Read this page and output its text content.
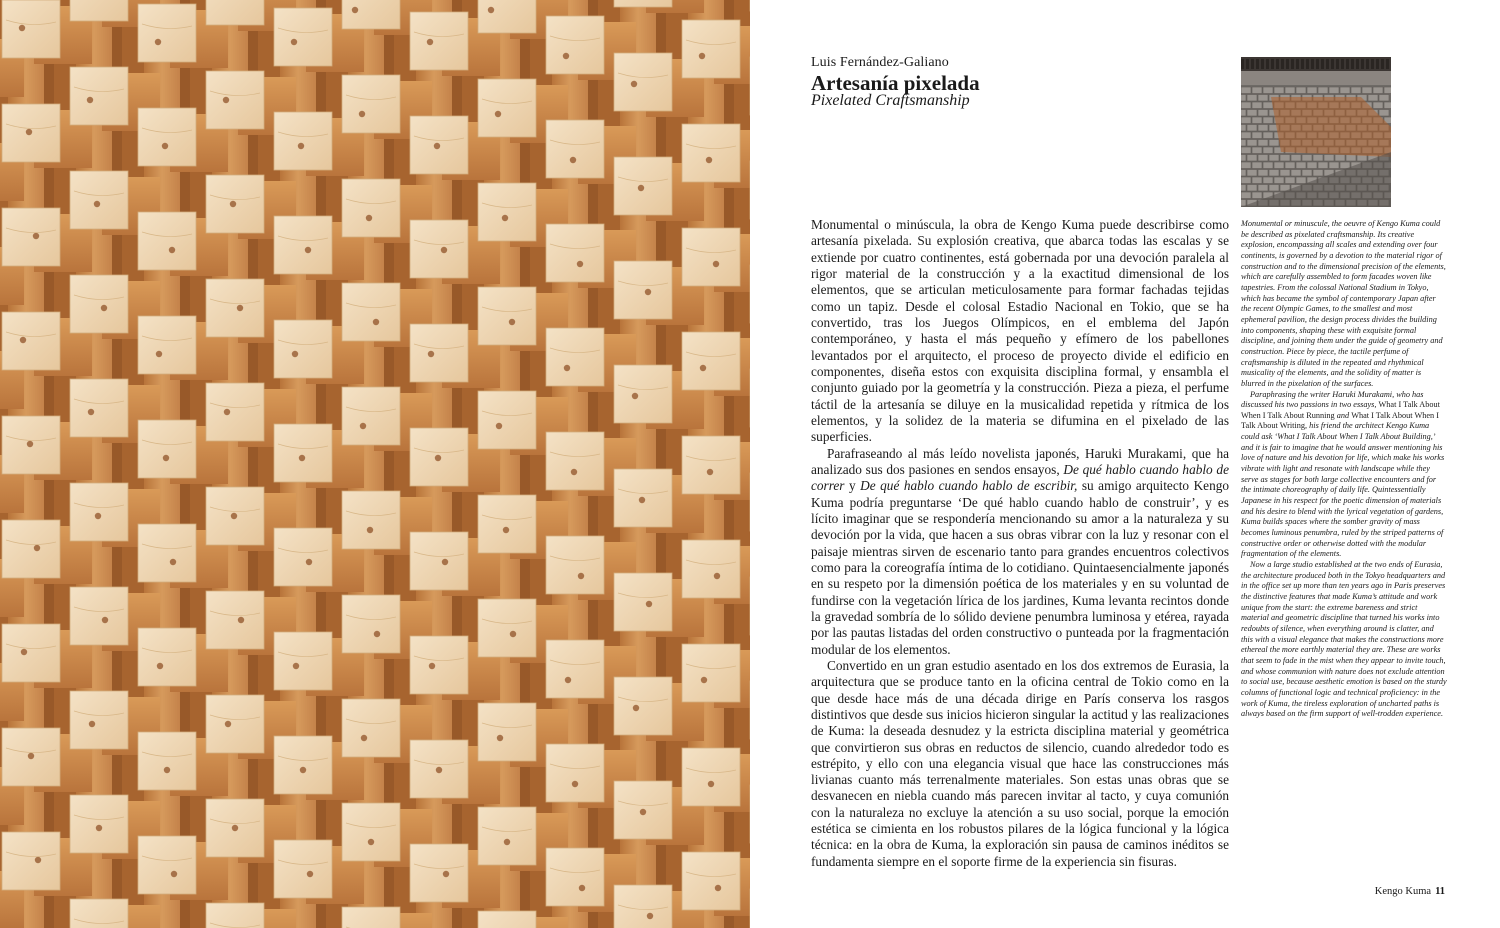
Luis Fernández-Galiano
Artesanía pixelada
Pixelated Craftsmanship

Monumental o minúscula, la obra de Kengo Kuma puede describirse como artesanía pixelada. Su explosión creativa, que abarca todas las escalas y se extiende por cuatro continentes, está gobernada por una devoción paralela al rigor material de la construcción y a la exactitud dimensional de los elementos, que se articulan meticulosamente para formar fachadas tejidas como un tapiz. Desde el colosal Estadio Nacional en Tokio, que se ha convertido, tras los Juegos Olímpicos, en el emblema del Japón contemporáneo, y hasta el más pequeño y efímero de los pabellones levantados por el arquitecto, el proceso de proyecto divide el edificio en componentes, diseña estos con exquisita disciplina formal, y ensambla el conjunto guiado por la geometría y la construcción. Pieza a pieza, el perfume táctil de la artesanía se diluye en la musicalidad repetida y rítmica de los elementos, y la solidez de la materia se difumina en el pixelado de las superficies.

Parafraseando al más leído novelista japonés, Haruki Murakami, que ha analizado sus dos pasiones en sendos ensayos, De qué hablo cuando hablo de correr y De qué hablo cuando hablo de escribir, su amigo arquitecto Kengo Kuma podría preguntarse ‘De qué hablo cuando hablo de construir’, y es lícito imaginar que se respondería mencionando su amor a la naturaleza y su devoción por la vida, que hacen a sus obras vibrar con la luz y resonar con el paisaje mientras sirven de escenario tanto para grandes encuentros colectivos como para la coreografía íntima de lo cotidiano. Quintaesencialmente japonés en su respeto por la dimensión poética de los materiales y en su voluntad de fundirse con la vegetación lírica de los jardines, Kuma levanta recintos donde la gravedad sombría de lo sólido deviene penumbra luminosa y etérea, rayada por las pautas listadas del orden constructivo o punteada por la fragmentación modular de los elementos.

Convertido en un gran estudio asentado en los dos extremos de Eurasia, la arquitectura que se produce tanto en la oficina central de Tokio como en la que desde hace más de una década dirige en París conserva los rasgos distintivos que desde sus inicios hicieron singular la actitud y las realizaciones de Kuma: la deseada desnudez y la estricta disciplina material y geométrica que convirtieron sus obras en reductos de silencio, cuando alrededor todo es estrépito, y ello con una elegancia visual que hace las construcciones más livianas cuanto más terrenalmente materiales. Son estas unas obras que se desvanecen en niebla cuando más parecen invitar al tacto, y cuya comunión con la naturaleza no excluye la atención a su uso social, porque la emoción estética se cimienta en los robustos pilares de la lógica funcional y la lógica técnica: en la obra de Kuma, la exploración sin pausa de caminos inéditos se fundamenta siempre en el soporte firme de la experiencia sin fisuras.

Monumental or minuscule, the oeuvre of Kengo Kuma could be described as pixelated craftsmanship. Its creative explosion, encompassing all scales and extending over four continents, is governed by a devotion to the material rigor of construction and to the dimensional precision of the elements, which are carefully assembled to form facades woven like tapestries. From the colossal National Stadium in Tokyo, which has became the symbol of contemporary Japan after the recent Olympic Games, to the smallest and most ephemeral pavilion, the design process divides the building into components, shaping these with exquisite formal discipline, and joining them under the guide of geometry and construction. Piece by piece, the tactile perfume of craftsmanship is diluted in the repeated and rhythmical musicality of the elements, and the solidity of matter is blurred in the pixelation of the surfaces.

Paraphrasing the writer Haruki Murakami, who has discussed his two passions in two essays, What I Talk About When I Talk About Running and What I Talk About When I Talk About Writing, his friend the architect Kengo Kuma could ask ‘What I Talk About When I Talk About Building,’ and it is fair to imagine that he would answer mentioning his love of nature and his devotion for life, which make his works vibrate with light and resonate with landscape while they serve as stages for both large collective encounters and for the intimate choreography of daily life. Quintessentially Japanese in his respect for the poetic dimension of materials and his desire to blend with the lyrical vegetation of gardens, Kuma builds spaces where the somber gravity of mass becomes luminous penumbra, ruled by the striped patterns of constructive order or otherwise dotted with the modular fragmentation of the elements.

Now a large studio established at the two ends of Eurasia, the architecture produced both in the Tokyo headquarters and in the office set up more than ten years ago in Paris preserves the distinctive features that made Kuma’s attitude and work unique from the start: the extreme bareness and strict material and geometric discipline that turned his works into redoubts of silence, when everything around is clatter, and this with a visual elegance that makes the constructions more ethereal the more earthly material they are. These are works that seem to fade in the mist when they appear to invite touch, and whose communion with nature does not exclude attention to social use, because aesthetic emotion is based on the sturdy columns of functional logic and technical proficiency: in the work of Kuma, the tireless exploration of uncharted paths is always based on the firm support of well-trodden experience.

Kengo Kuma 11
